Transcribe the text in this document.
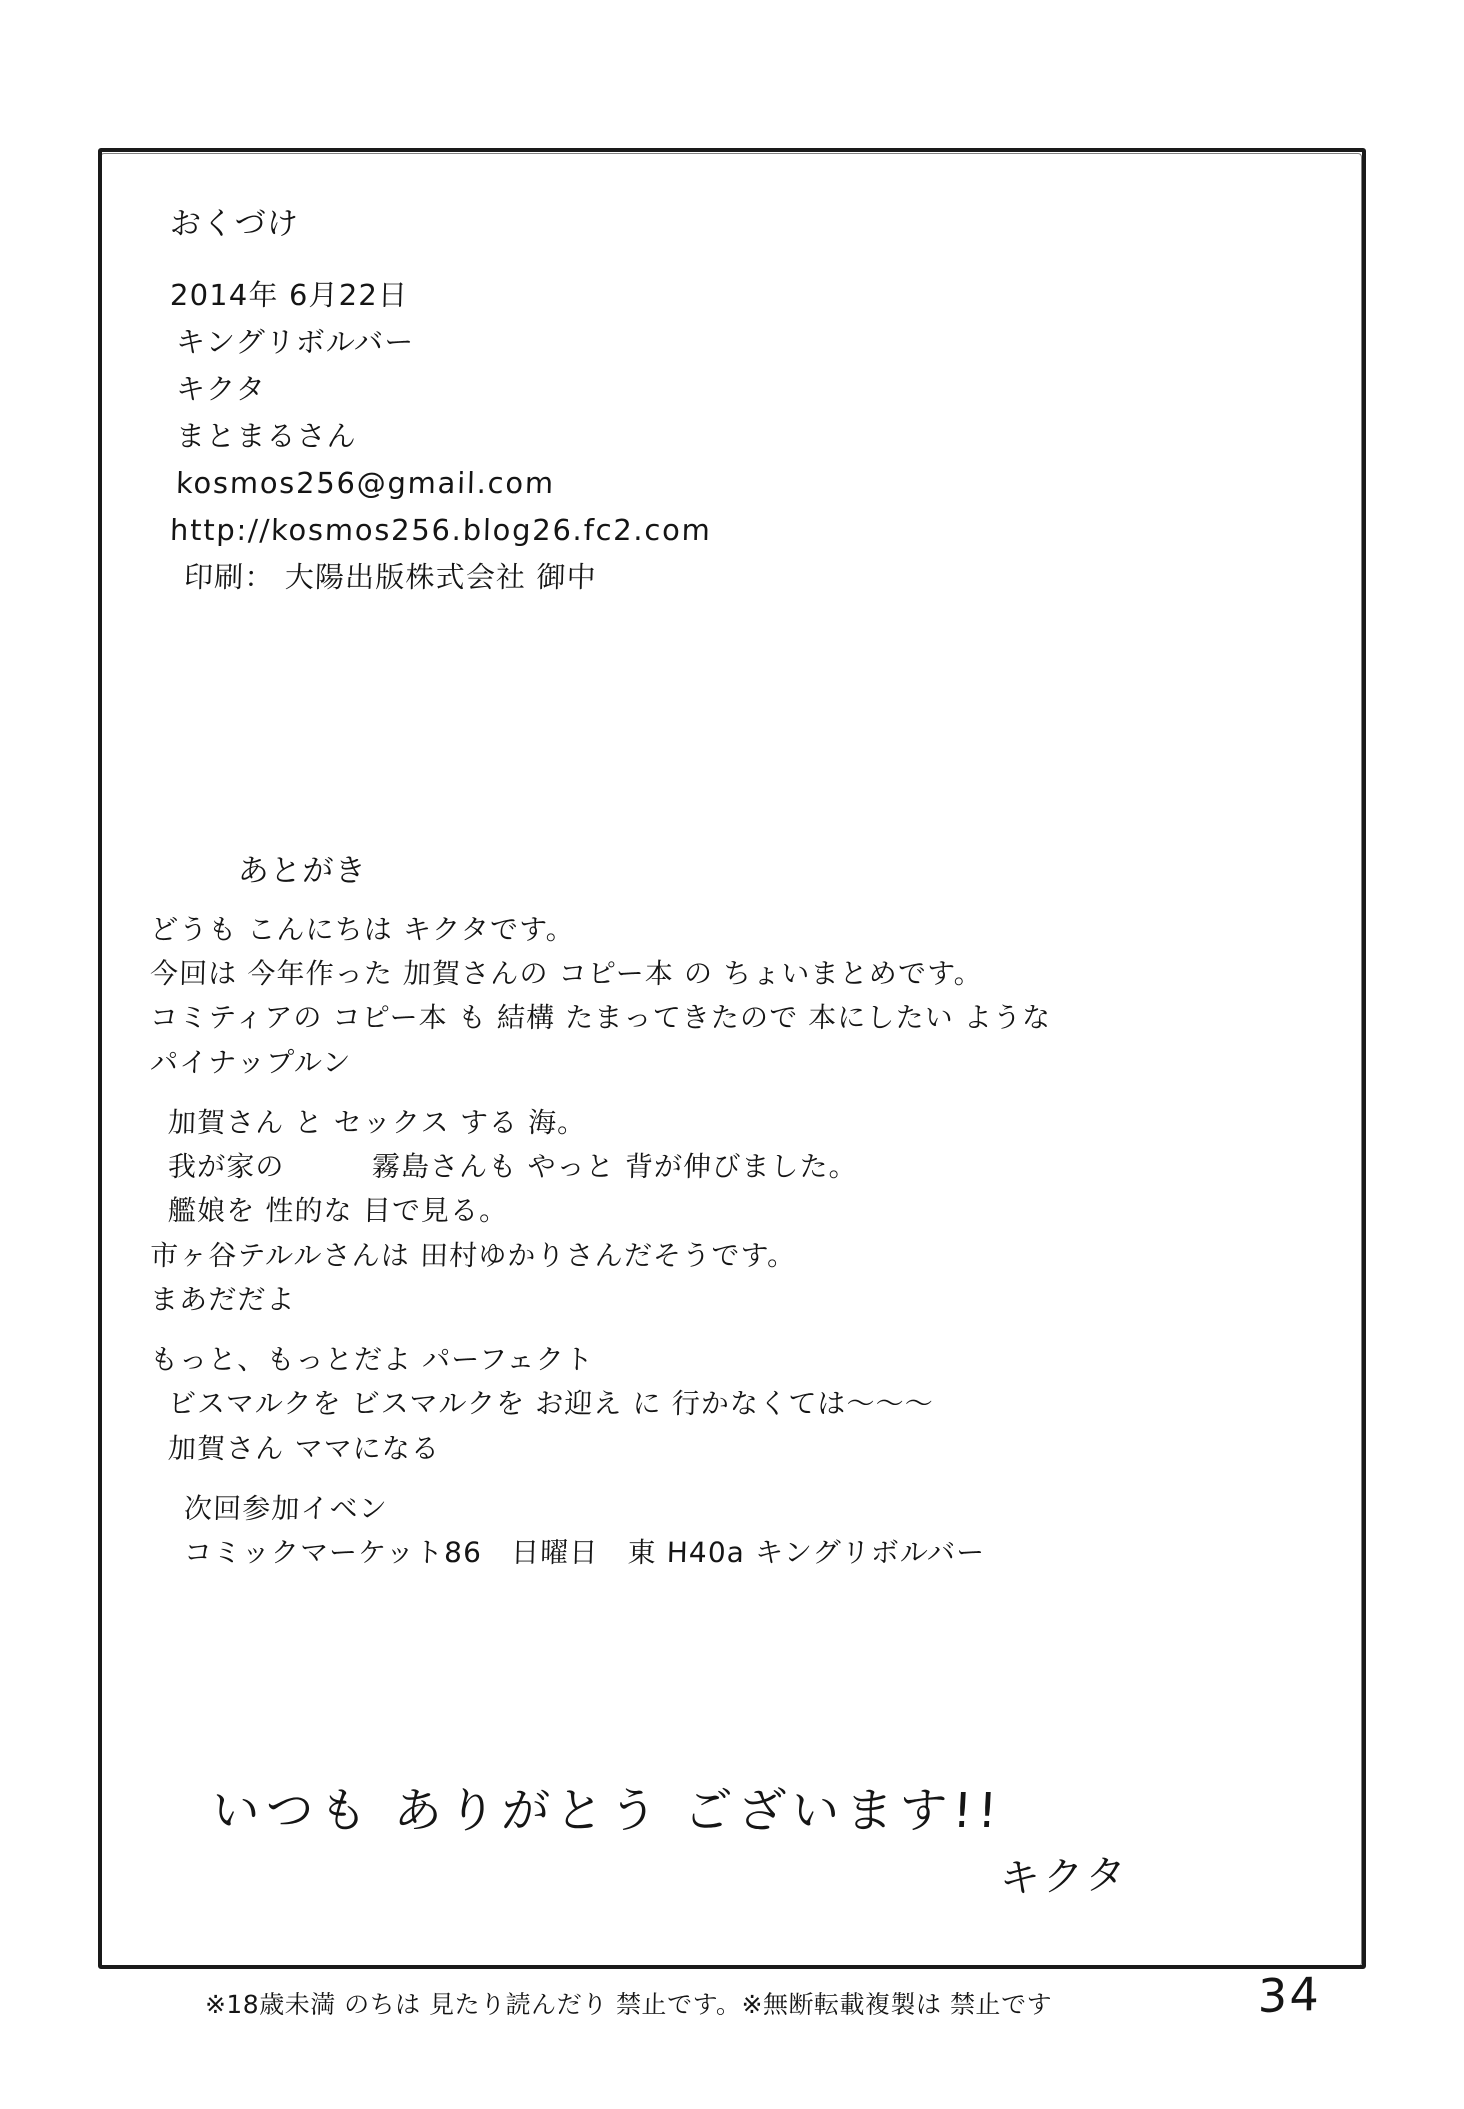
おくづけ
2014年 6月22日
キングリボルバー
キクタ
まとまるさん
kosmos256@gmail.com
http://kosmos256.blog26.fc2.com
印刷： 大陽出版株式会社 御中
あとがき
どうも こんにちは キクタです。
今回は 今年作った 加賀さんの コピー本 の ちょいまとめです。
コミティアの コピー本 も 結構 たまってきたので 本にしたい ような
パイナップルン
加賀さん と セックス する 海。
我が家の　　　霧島さんも やっと 背が伸びました。
艦娘を 性的な 目で見る。
市ヶ谷テルルさんは 田村ゆかりさんだそうです。
まあだだよ
もっと、もっとだよ パーフェクト
ビスマルクを ビスマルクを お迎え に 行かなくては～～～
加賀さん ママになる
次回参加イベン
コミックマーケット86　日曜日　東 H40a キングリボルバー
いつも ありがとう ございます!!
キクタ
※18歳未満 のちは 見たり読んだり 禁止です。※無断転載複製は 禁止です	34
